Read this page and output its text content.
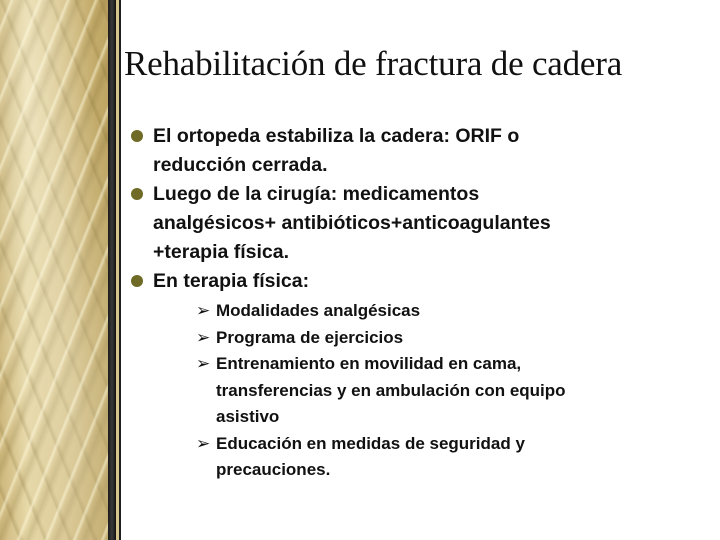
Rehabilitación de fractura de cadera
El ortopeda estabiliza la cadera: ORIF o
reducción cerrada.
Luego de la cirugía: medicamentos
analgésicos+ antibióticos+anticoagulantes
+terapia física.
En terapia física:
➢ Modalidades analgésicas
➢ Programa de ejercicios
➢ Entrenamiento en movilidad en cama,
transferencias y en ambulación con equipo
asistivo
➢ Educación en medidas de seguridad y
precauciones.
